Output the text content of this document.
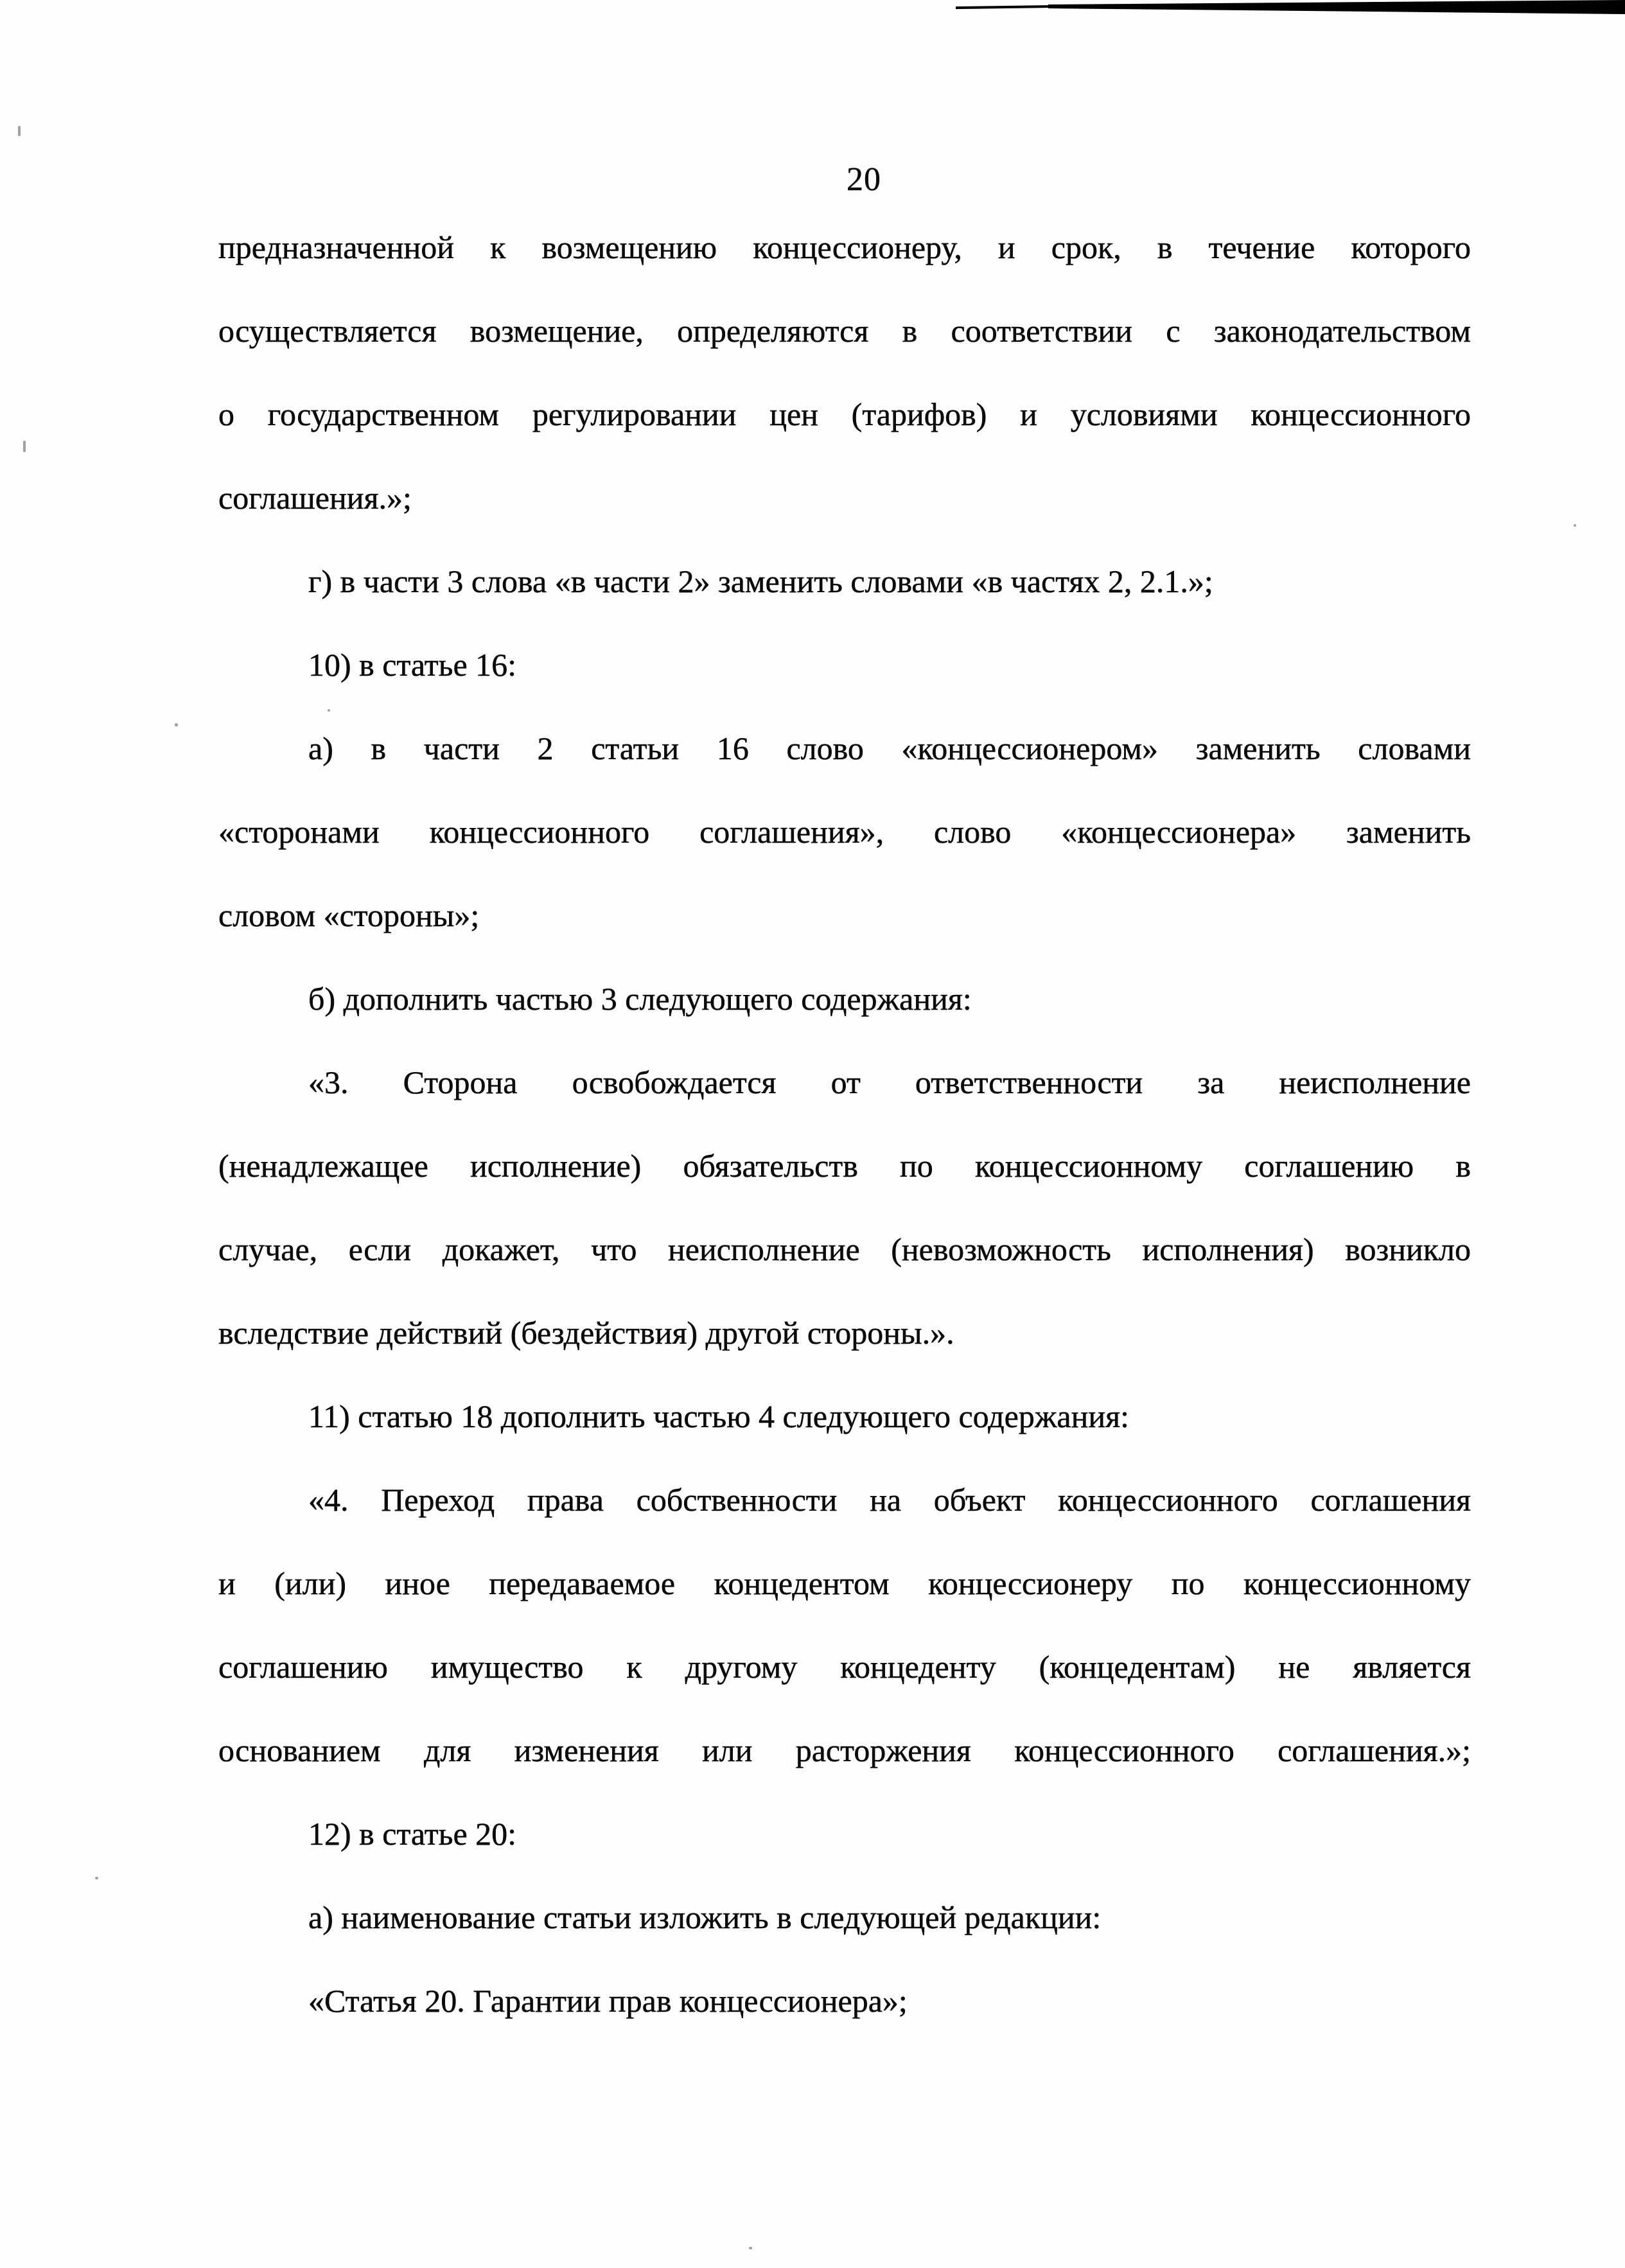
20
предназначенной к возмещению концессионеру, и срок, в течение которого
осуществляется возмещение, определяются в соответствии с законодательством
о государственном регулировании цен (тарифов) и условиями концессионного
соглашения.»;
г) в части 3 слова «в части 2» заменить словами «в частях 2, 2.1.»;
10) в статье 16:
а) в части 2 статьи 16 слово «концессионером» заменить словами
«сторонами концессионного соглашения», слово «концессионера» заменить
словом «стороны»;
б) дополнить частью 3 следующего содержания:
«3. Сторона освобождается от ответственности за неисполнение
(ненадлежащее исполнение) обязательств по концессионному соглашению в
случае, если докажет, что неисполнение (невозможность исполнения) возникло
вследствие действий (бездействия) другой стороны.».
11) статью 18 дополнить частью 4 следующего содержания:
«4. Переход права собственности на объект концессионного соглашения
и (или) иное передаваемое концедентом концессионеру по концессионному
соглашению имущество к другому концеденту (концедентам) не является
основанием для изменения или расторжения концессионного соглашения.»;
12) в статье 20:
а) наименование статьи изложить в следующей редакции:
«Статья 20. Гарантии прав концессионера»;
